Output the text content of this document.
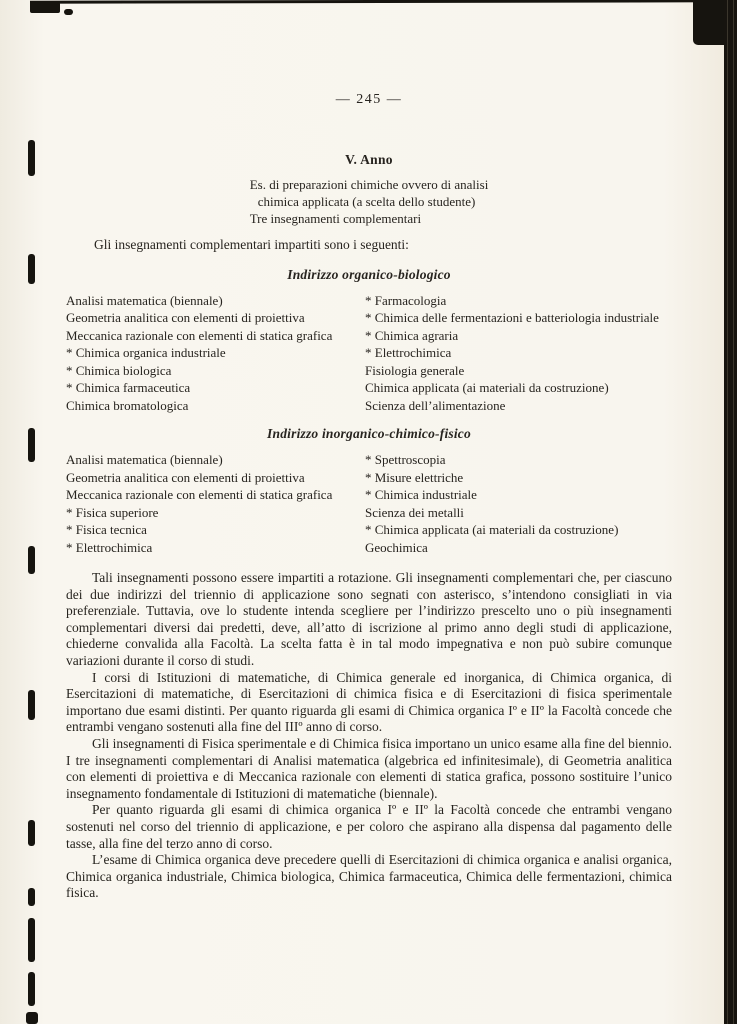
— 245 —
V. Anno
Es. di preparazioni chimiche ovvero di analisi
chimica applicata (a scelta dello studente)
Tre insegnamenti complementari

Gli insegnamenti complementari impartiti sono i seguenti:

Indirizzo organico-biologico
Analisi matematica (biennale)
Geometria analitica con elementi di proiettiva
Meccanica razionale con elementi di statica grafica
* Chimica organica industriale
* Chimica biologica
* Chimica farmaceutica
Chimica bromatologica
* Farmacologia
* Chimica delle fermentazioni e batteriologia industriale
* Chimica agraria
* Elettrochimica
Fisiologia generale
Chimica applicata (ai materiali da costruzione)
Scienza dell’alimentazione
Indirizzo inorganico-chimico-fisico
Analisi matematica (biennale)
Geometria analitica con elementi di proiettiva
Meccanica razionale con elementi di statica grafica
* Fisica superiore
* Fisica tecnica
* Elettrochimica
* Spettroscopia
* Misure elettriche
* Chimica industriale
Scienza dei metalli
* Chimica applicata (ai materiali da costruzione)
Geochimica

Tali insegnamenti possono essere impartiti a rotazione. Gli insegnamenti complementari che, per ciascuno dei due indirizzi del triennio di applicazione sono segnati con asterisco, s’intendono consigliati in via preferenziale. Tuttavia, ove lo studente intenda scegliere per l’indirizzo prescelto uno o più insegnamenti complementari diversi dai predetti, deve, all’atto di iscrizione al primo anno degli studi di applicazione, chiederne convalida alla Facoltà. La scelta fatta è in tal modo impegnativa e non può subire comunque variazioni durante il corso di studi.

I corsi di Istituzioni di matematiche, di Chimica generale ed inorganica, di Chimica organica, di Esercitazioni di matematiche, di Esercitazioni di chimica fisica e di Esercitazioni di fisica sperimentale importano due esami distinti. Per quanto riguarda gli esami di Chimica organica Iº e IIº la Facoltà concede che entrambi vengano sostenuti alla fine del IIIº anno di corso.

Gli insegnamenti di Fisica sperimentale e di Chimica fisica importano un unico esame alla fine del biennio. I tre insegnamenti complementari di Analisi matematica (algebrica ed infinitesimale), di Geometria analitica con elementi di proiettiva e di Meccanica razionale con elementi di statica grafica, possono sostituire l’unico insegnamento fondamentale di Istituzioni di matematiche (biennale).

Per quanto riguarda gli esami di chimica organica Iº e IIº la Facoltà concede che entrambi vengano sostenuti nel corso del triennio di applicazione, e per coloro che aspirano alla dispensa dal pagamento delle tasse, alla fine del terzo anno di corso.

L’esame di Chimica organica deve precedere quelli di Esercitazioni di chimica organica e analisi organica, Chimica organica industriale, Chimica biologica, Chimica farmaceutica, Chimica delle fermentazioni, chimica fisica.
